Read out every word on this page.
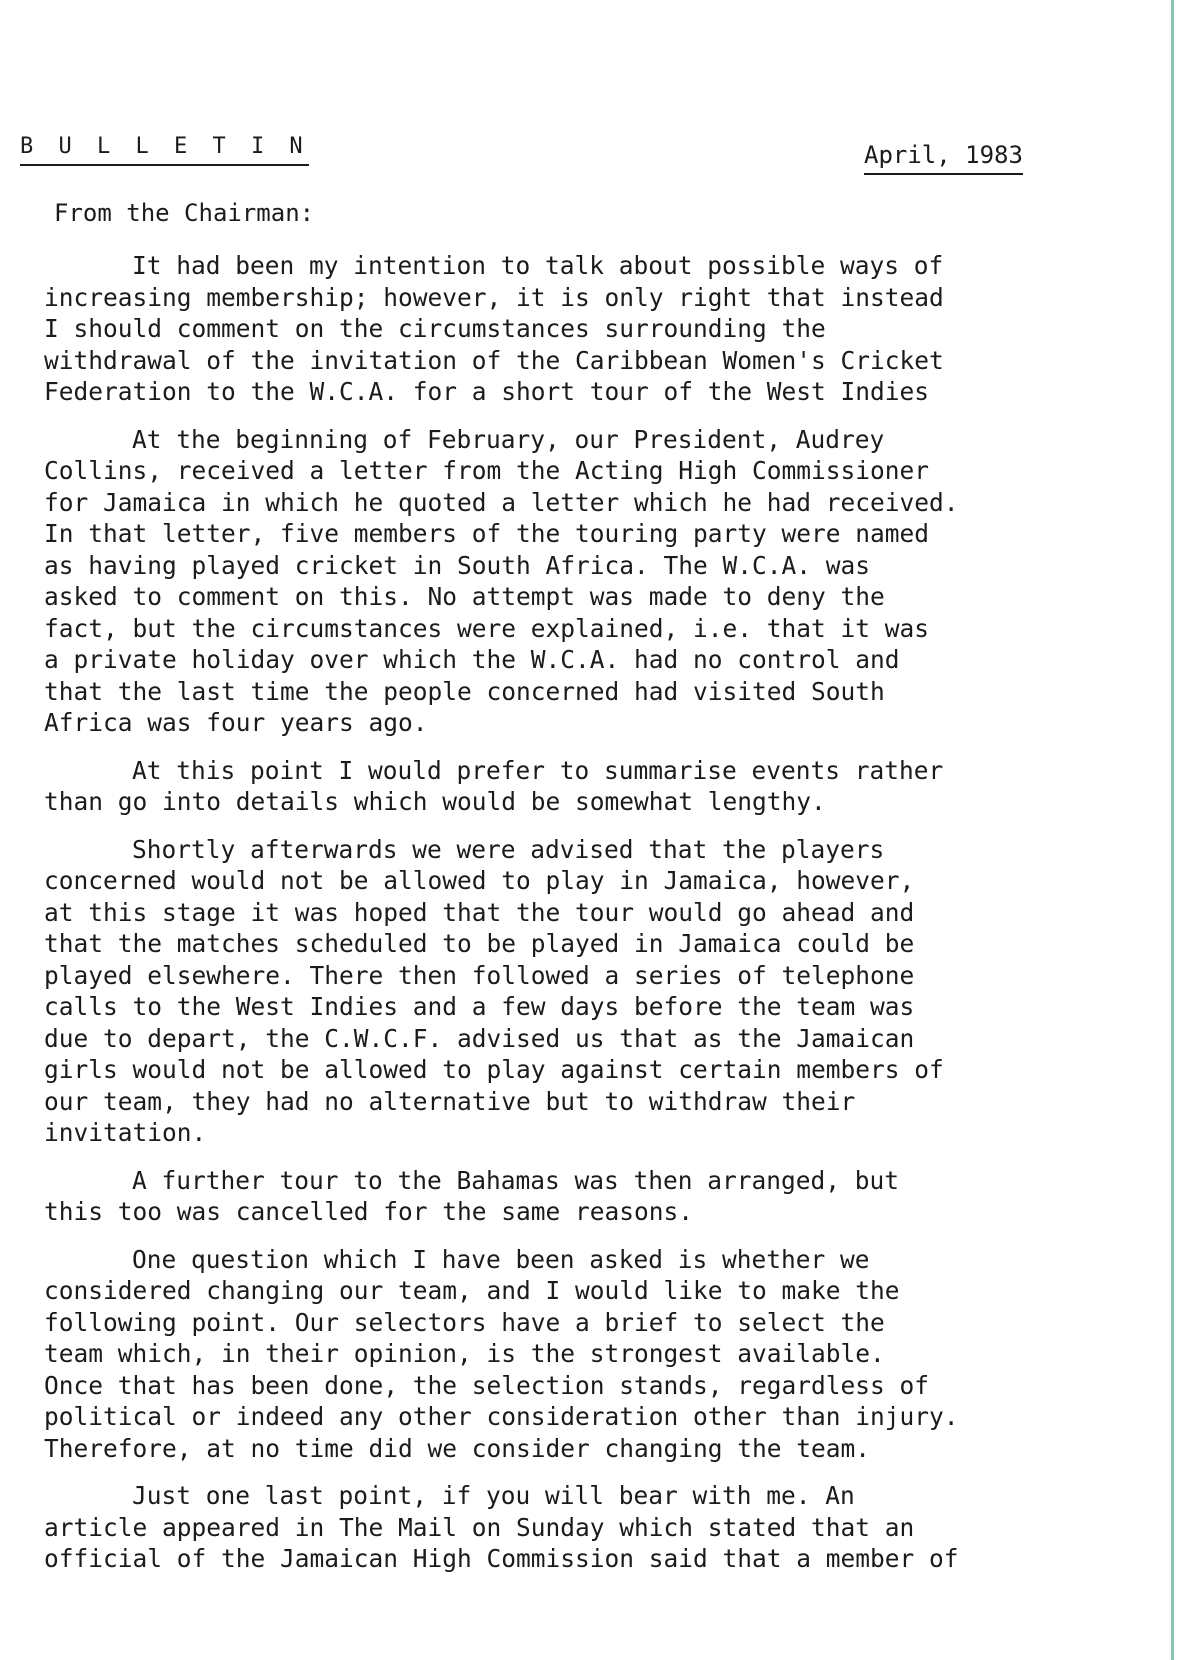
B U L L E T I N	April, 1983
From the Chairman:

It had been my intention to talk about possible ways of
increasing membership; however, it is only right that instead
I should comment on the circumstances surrounding the
withdrawal of the invitation of the Caribbean Women's Cricket
Federation to the W.C.A. for a short tour of the West Indies

At the beginning of February, our President, Audrey
Collins, received a letter from the Acting High Commissioner
for Jamaica in which he quoted a letter which he had received.
In that letter, five members of the touring party were named
as having played cricket in South Africa. The W.C.A. was
asked to comment on this. No attempt was made to deny the
fact, but the circumstances were explained, i.e. that it was
a private holiday over which the W.C.A. had no control and
that the last time the people concerned had visited South
Africa was four years ago.

At this point I would prefer to summarise events rather
than go into details which would be somewhat lengthy.

Shortly afterwards we were advised that the players
concerned would not be allowed to play in Jamaica, however,
at this stage it was hoped that the tour would go ahead and
that the matches scheduled to be played in Jamaica could be
played elsewhere. There then followed a series of telephone
calls to the West Indies and a few days before the team was
due to depart, the C.W.C.F. advised us that as the Jamaican
girls would not be allowed to play against certain members of
our team, they had no alternative but to withdraw their
invitation.

A further tour to the Bahamas was then arranged, but
this too was cancelled for the same reasons.

One question which I have been asked is whether we
considered changing our team, and I would like to make the
following point. Our selectors have a brief to select the
team which, in their opinion, is the strongest available.
Once that has been done, the selection stands, regardless of
political or indeed any other consideration other than injury.
Therefore, at no time did we consider changing the team.

Just one last point, if you will bear with me. An
article appeared in The Mail on Sunday which stated that an
official of the Jamaican High Commission said that a member of
